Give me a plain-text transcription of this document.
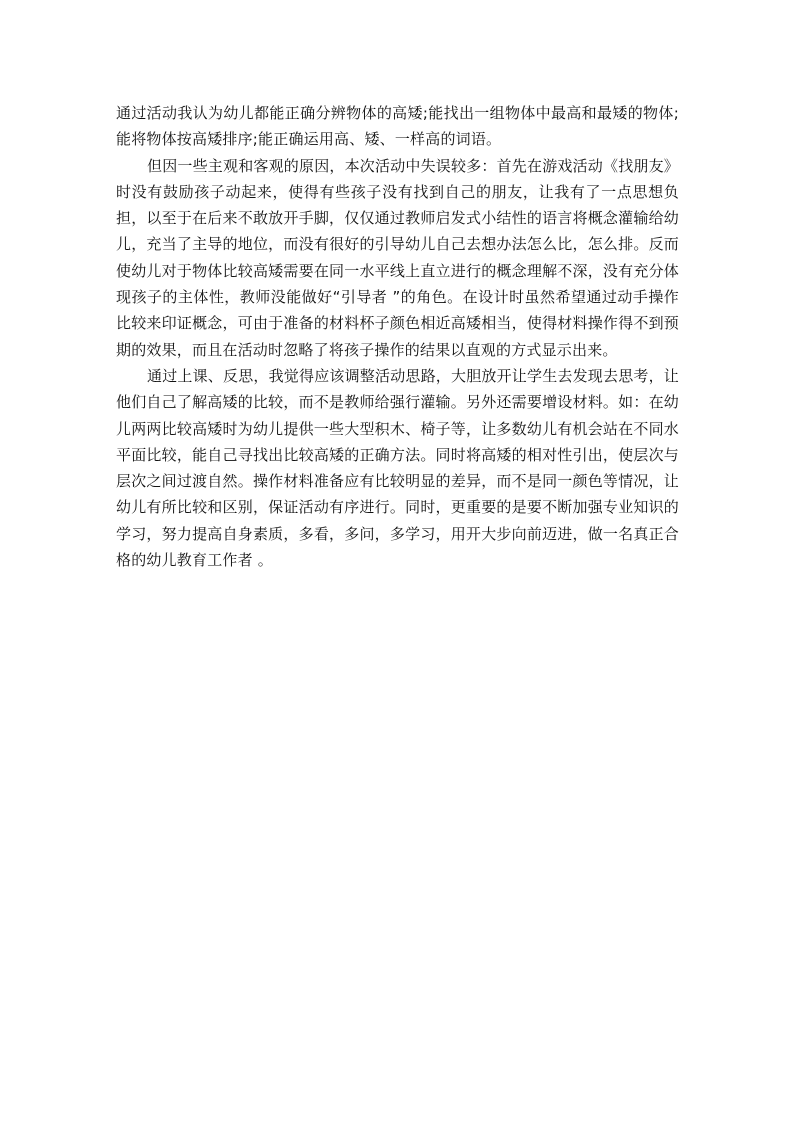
通过活动我认为幼儿都能正确分辨物体的高矮;能找出一组物体中最高和最矮的物体;能将物体按高矮排序;能正确运用高、矮、一样高的词语。

但因一些主观和客观的原因，本次活动中失误较多：首先在游戏活动《找朋友》时没有鼓励孩子动起来，使得有些孩子没有找到自己的朋友，让我有了一点思想负担，以至于在后来不敢放开手脚，仅仅通过教师启发式小结性的语言将概念灌输给幼儿，充当了主导的地位，而没有很好的引导幼儿自己去想办法怎么比，怎么排。反而使幼儿对于物体比较高矮需要在同一水平线上直立进行的概念理解不深，没有充分体现孩子的主体性，教师没能做好“引导者 ”的角色。在设计时虽然希望通过动手操作比较来印证概念，可由于准备的材料杯子颜色相近高矮相当，使得材料操作得不到预期的效果，而且在活动时忽略了将孩子操作的结果以直观的方式显示出来。

通过上课、反思，我觉得应该调整活动思路，大胆放开让学生去发现去思考，让他们自己了解高矮的比较，而不是教师给强行灌输。另外还需要增设材料。如：在幼儿两两比较高矮时为幼儿提供一些大型积木、椅子等，让多数幼儿有机会站在不同水平面比较，能自己寻找出比较高矮的正确方法。同时将高矮的相对性引出，使层次与层次之间过渡自然。操作材料准备应有比较明显的差异，而不是同一颜色等情况，让幼儿有所比较和区别，保证活动有序进行。同时，更重要的是要不断加强专业知识的学习，努力提高自身素质，多看，多问，多学习，用开大步向前迈进，做一名真正合格的幼儿教育工作者 。
